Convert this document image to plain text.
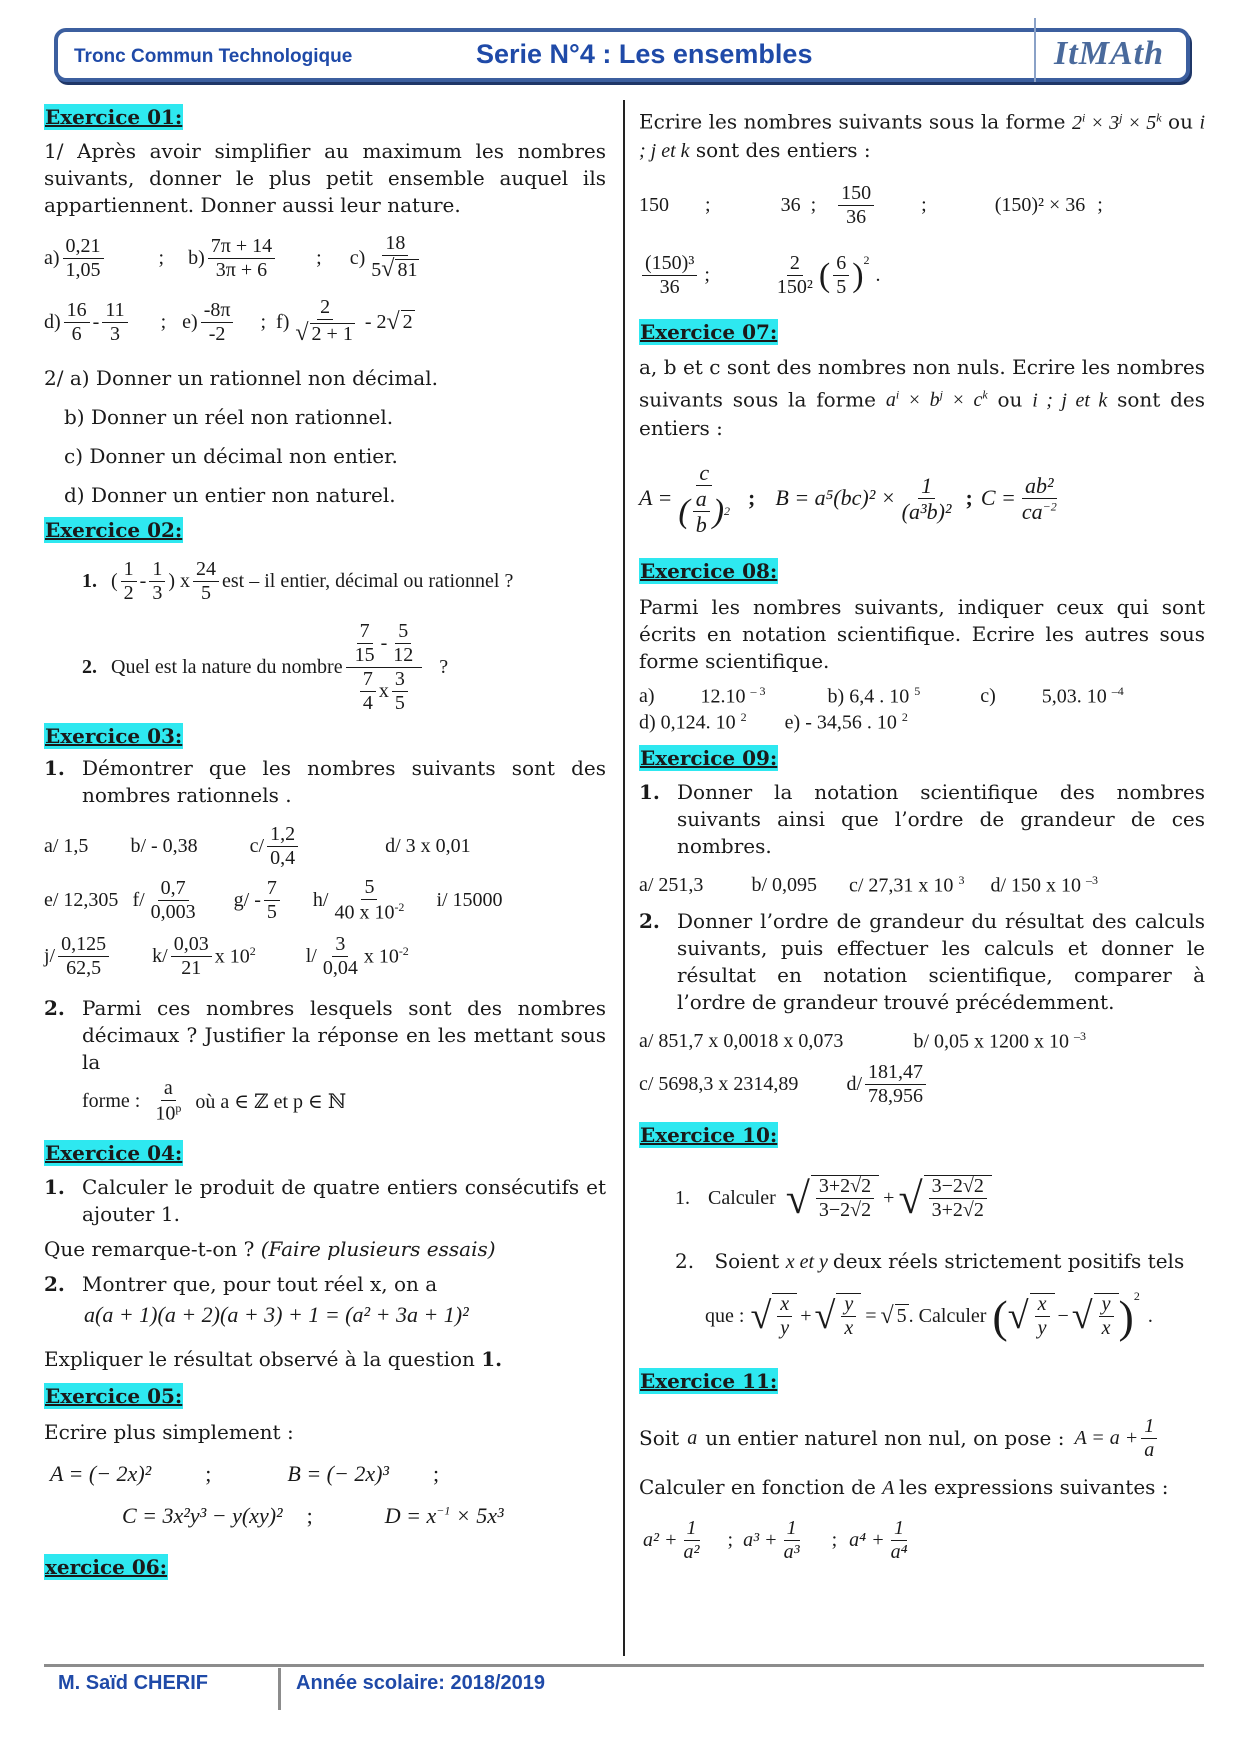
Tronc Commun Technologique	Serie N°4 : Les ensembles	ItMAth
Exercice 01:
1/ Après avoir simplifier au maximum les nombres suivants, donner le plus petit ensemble auquel ils appartiennent. Donner aussi leur nature.
a)
0,21
1,05
; b)
7π + 14
3π + 6
; c)
18
5√ 81
d)
16
6
-
11
3
; e)
-8π
-2
; f)
2
√ 2 + 1
- 2 √ 2
2/ a) Donner un rationnel non décimal.
b) Donner un réel non rationnel.
c) Donner un décimal non entier.
d) Donner un entier non naturel.
Exercice 02:
1. (
1
2
-
1
3
) x
24
5
est – il entier, décimal ou rationnel ?
2. Quel est la nature du nombre
7
15
-
5
12
7
4
x
3
5
?
Exercice 03:
1. Démontrer que les nombres suivants sont des nombres rationnels .
a/ 1,5 b/ - 0,38	c/
1,2
0,4
d/ 3 x 0,01
e/ 12,305 f/
0,7
0,003
g/ -
7
5
h/
5
40 x $10^{-2}$ i/ 15000
j/
0,125
62,5
k/
0,03
21
x $10^2$	l/
3
0,04
x $10^{-2}$
2. Parmi ces nombres lesquels sont des nombres décimaux ? Justifier la réponse en les mettant sous la
forme :
a
10$^p$ où a ∈ ℤ et p ∈ ℕ
Exercice 04:
1. Calculer le produit de quatre entiers consécutifs et ajouter 1.
Que remarque-t-on ? (Faire plusieurs essais)
2. Montrer que, pour tout réel x, on a
a(a + 1)(a + 2)(a + 3) + 1 = (a² + 3a + 1)²
Expliquer le résultat observé à la question 1.
Exercice 05:
Ecrire plus simplement :
A = (− 2x)² ;	B = (− 2x)³ ;
C = 3x²y³ − y(xy)² ;	$D = x^{-1} \times 5x^3$
xercice 06:
Ecrire les nombres suivants sous la forme $2^i \times 3^j \times 5^k$ ou i ; j et k sont des entiers :
150 ;	36 ;
150
36
;	(150)² × 36 ;
(150)³
36
;
2
150² ( 6
5 )$^2$
.
Exercice 07:
a, b et c sont des nombres non nuls. Ecrire les nombres suivants sous la forme $a^i \times b^j \times c^k$ ou i ; j et k sont des entiers :
A = c
( a
b ) 2 ; $B = a^5(bc)^2 \times \frac{1}{\text{(a³b)²}}$ ; $C = \frac{\text{ab²}}{ca^{-2}}$
Exercice 08:
Parmi les nombres suivants, indiquer ceux qui sont écrits en notation scientifique. Ecrire les autres sous forme scientifique.
a) 12.10 $^{- 3}$	b) 6,4 . 10 $^5$	c) 5,03. 10 $^{-4}$
d) 0,124. 10 $^2$ e) - 34,56 . 10 $^2$
Exercice 09:
1. Donner la notation scientifique des nombres suivants ainsi que l’ordre de grandeur de ces nombres.
a/ 251,3 b/ 0,095 c/ 27,31 x 10 $^3$ d/ 150 x 10 $^{-3}$
2. Donner l’ordre de grandeur du résultat des calculs suivants, puis effectuer les calculs et donner le résultat en notation scientifique, comparer à l’ordre de grandeur trouvé précédemment.
a/ 851,7 x 0,0018 x 0,073	b/ 0,05 x 1200 x 10 $^{-3}$
c/ 5698,3 x 2314,89 d/
181,47
78,956
Exercice 10:
1. Calculer √ $\frac{3+2√2}{3-2√2}$ + √ $\frac{3-2√2}{3+2√2}$
2. Soient x et y deux réels strictement positifs tels
que : √ $\frac{x}{y}$ + √ $\frac{y}{x}$ = √ 5 . Calculer ( √ $\frac{x}{y}$ − √ $\frac{y}{x} )^2$
.
Exercice 11:
Soit a un entier naturel non nul, on pose : $A = a + \frac{1}{a}$
Calculer en fonction de A les expressions suivantes :
$a^2 + \frac{1}{\text{a²}}$ ; $a^3 + \frac{1}{\text{a³}}$ ; $a^4 + \frac{1}{\text{a⁴}}$
M. Saïd CHERIF	Année scolaire: 2018/2019
